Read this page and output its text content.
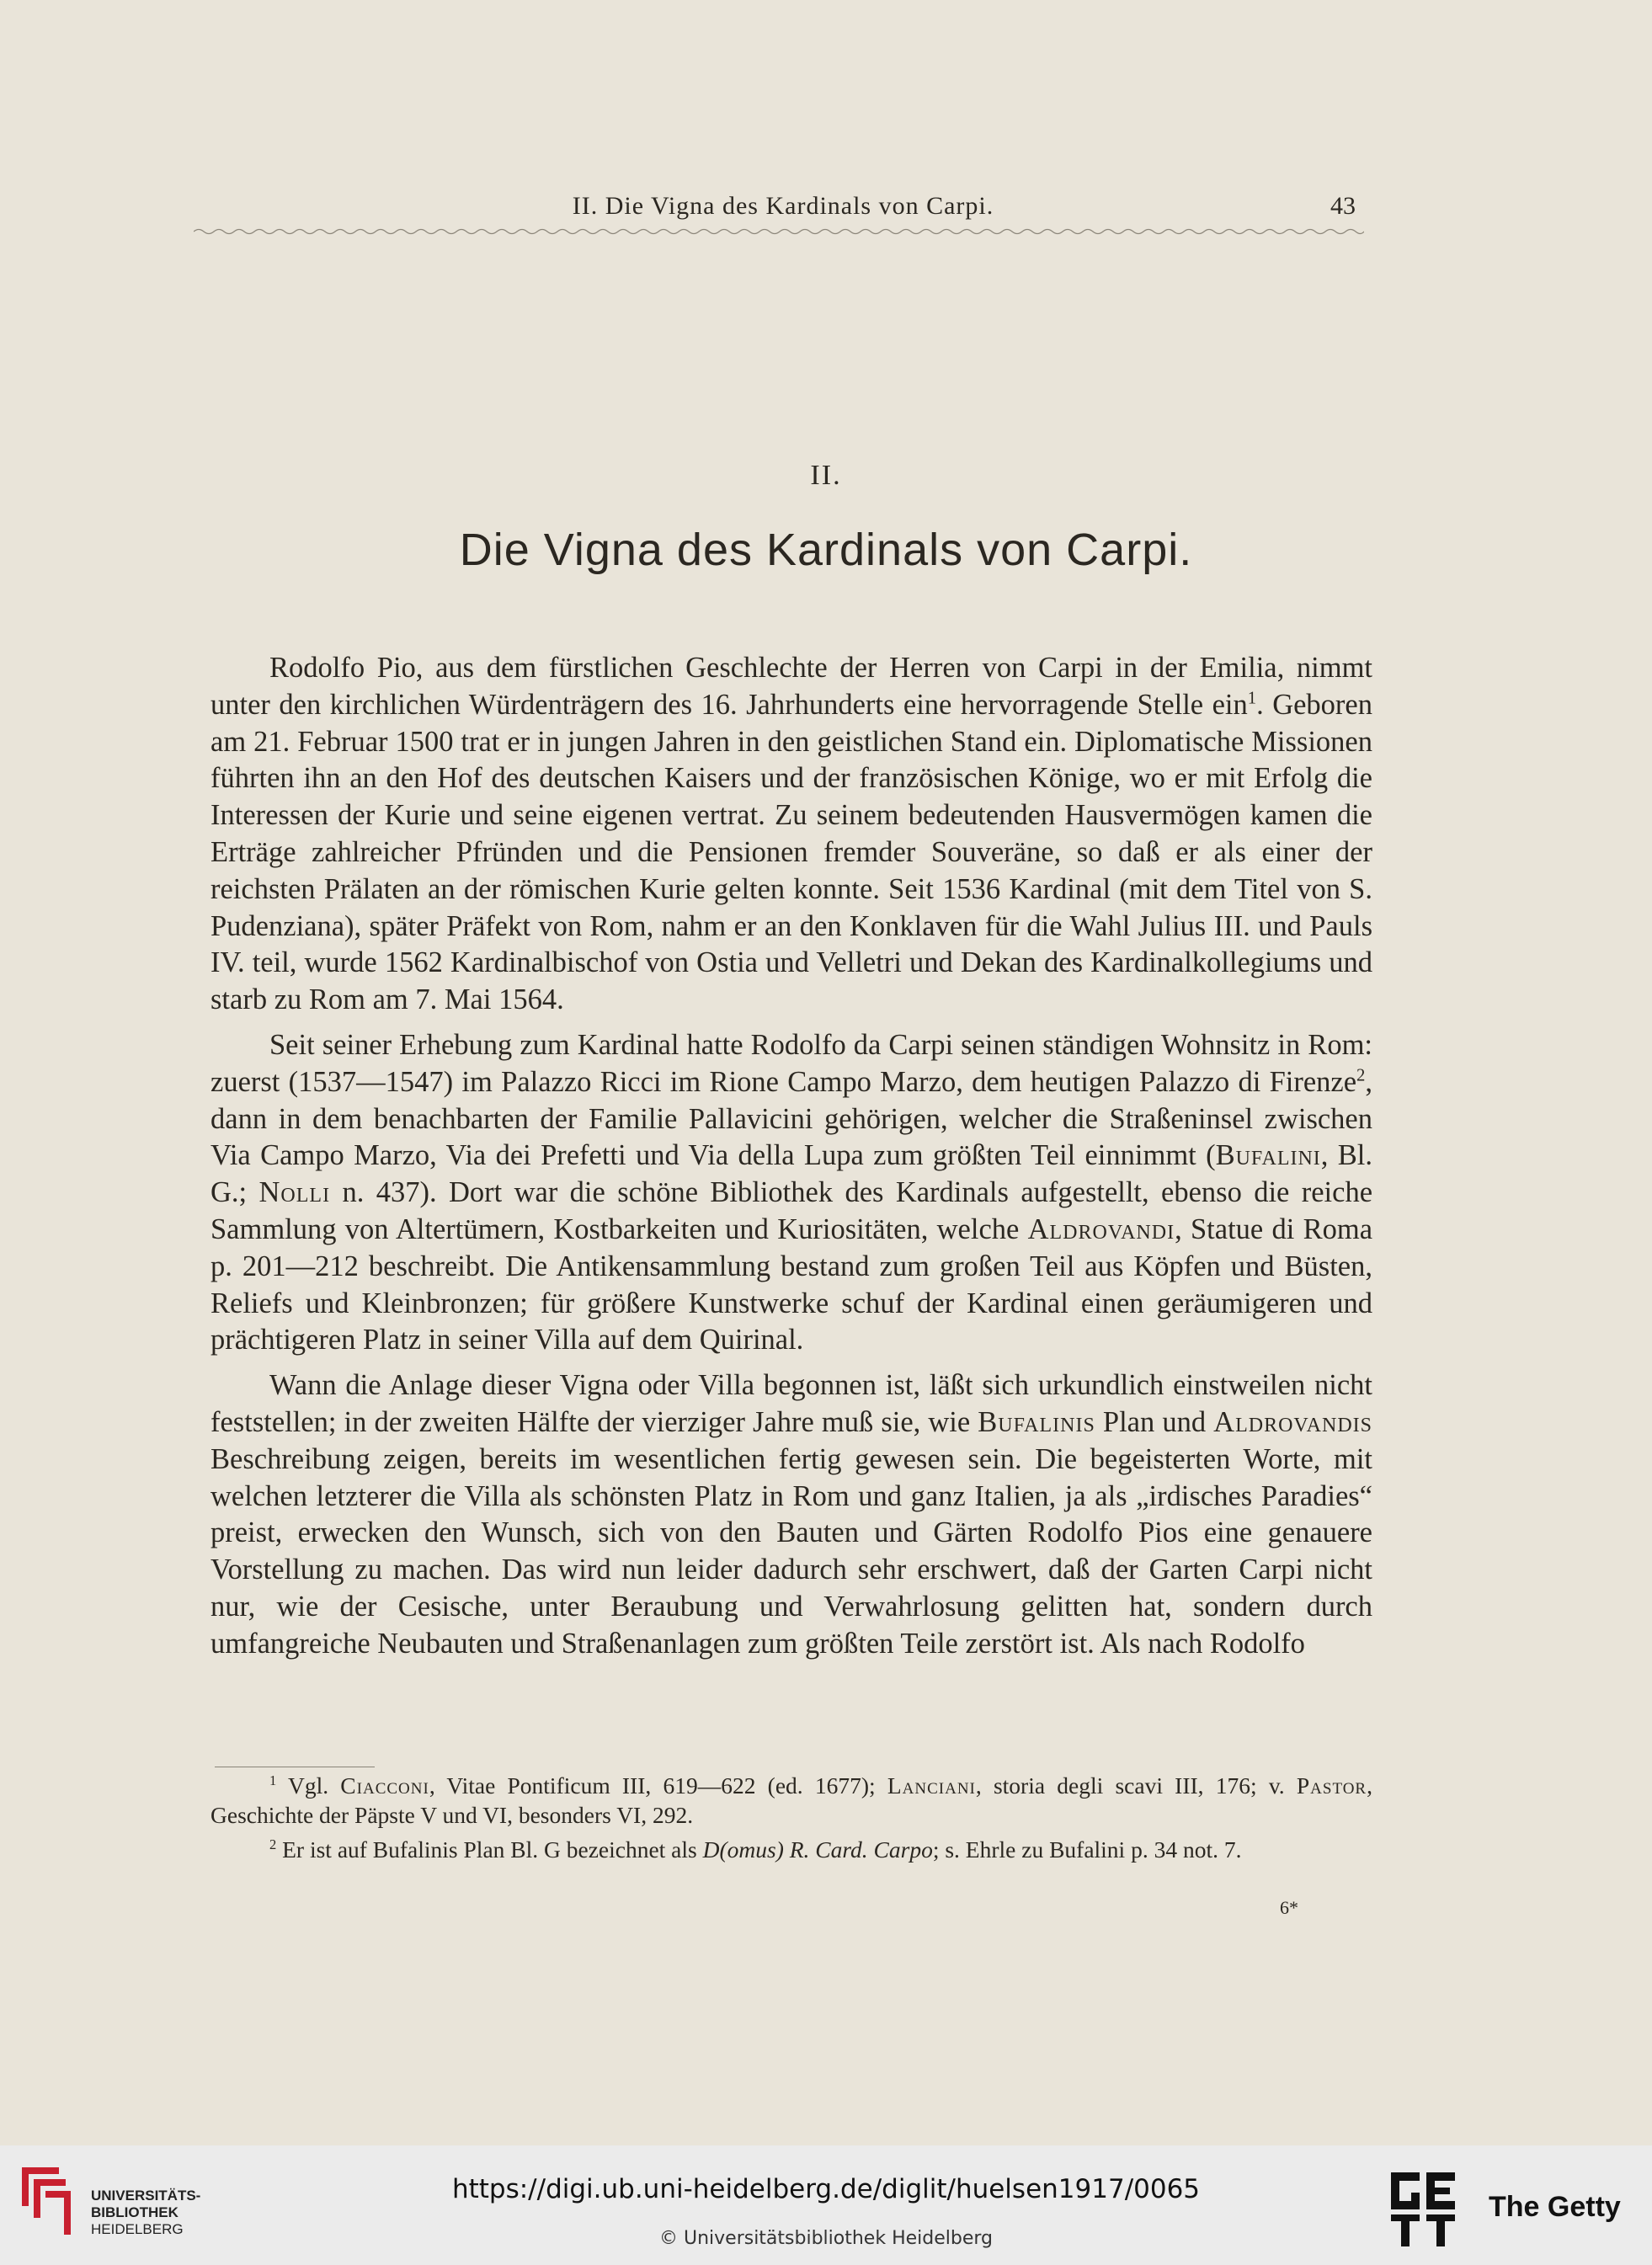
II. Die Vigna des Kardinals von Carpi.	43
II.
Die Vigna des Kardinals von Carpi.

Rodolfo Pio, aus dem fürstlichen Geschlechte der Herren von Carpi in der Emilia, nimmt unter den kirchlichen Würdenträgern des 16. Jahrhunderts eine hervorragende Stelle ein$^1$. Geboren am 21. Februar 1500 trat er in jungen Jahren in den geistlichen Stand ein. Diplomatische Missionen führten ihn an den Hof des deutschen Kaisers und der französischen Könige, wo er mit Erfolg die Interessen der Kurie und seine eigenen vertrat. Zu seinem bedeutenden Hausvermögen kamen die Erträge zahlreicher Pfründen und die Pensionen fremder Souveräne, so daß er als einer der reichsten Prälaten an der römischen Kurie gelten konnte. Seit 1536 Kardinal (mit dem Titel von S. Pudenziana), später Präfekt von Rom, nahm er an den Konklaven für die Wahl Julius III. und Pauls IV. teil, wurde 1562 Kardinalbischof von Ostia und Velletri und Dekan des Kardinalkollegiums und starb zu Rom am 7. Mai 1564.

Seit seiner Erhebung zum Kardinal hatte Rodolfo da Carpi seinen ständigen Wohnsitz in Rom: zuerst (1537—1547) im Palazzo Ricci im Rione Campo Marzo, dem heutigen Palazzo di Firenze$^2$, dann in dem benachbarten der Familie Pallavicini gehörigen, welcher die Straßeninsel zwischen Via Campo Marzo, Via dei Prefetti und Via della Lupa zum größten Teil einnimmt (Bufalini, Bl. G.; Nolli n. 437). Dort war die schöne Bibliothek des Kardinals aufgestellt, ebenso die reiche Sammlung von Altertümern, Kostbarkeiten und Kuriositäten, welche Aldrovandi, Statue di Roma p. 201—212 beschreibt. Die Antikensammlung bestand zum großen Teil aus Köpfen und Büsten, Reliefs und Kleinbronzen; für größere Kunstwerke schuf der Kardinal einen geräumigeren und prächtigeren Platz in seiner Villa auf dem Quirinal.

Wann die Anlage dieser Vigna oder Villa begonnen ist, läßt sich urkundlich einstweilen nicht feststellen; in der zweiten Hälfte der vierziger Jahre muß sie, wie Bufalinis Plan und Aldrovandis Beschreibung zeigen, bereits im wesentlichen fertig gewesen sein. Die begeisterten Worte, mit welchen letzterer die Villa als schönsten Platz in Rom und ganz Italien, ja als „irdisches Paradies“ preist, erwecken den Wunsch, sich von den Bauten und Gärten Rodolfo Pios eine genauere Vorstellung zu machen. Das wird nun leider dadurch sehr erschwert, daß der Garten Carpi nicht nur, wie der Cesische, unter Beraubung und Verwahrlosung gelitten hat, sondern durch umfangreiche Neubauten und Straßenanlagen zum größten Teile zerstört ist. Als nach Rodolfo

$^1$ Vgl. Ciacconi, Vitae Pontificum III, 619—622 (ed. 1677); Lanciani, storia degli scavi III, 176; v. Pastor, Geschichte der Päpste V und VI, besonders VI, 292.

$^2$ Er ist auf Bufalinis Plan Bl. G bezeichnet als D(omus) R. Card. Carpo; s. Ehrle zu Bufalini p. 34 not. 7.

6*
UNIVERSITÄTS-
BIBLIOTHEK
HEIDELBERG
https://digi.ub.uni-heidelberg.de/diglit/huelsen1917/0065
© Universitätsbibliothek Heidelberg
The Getty
